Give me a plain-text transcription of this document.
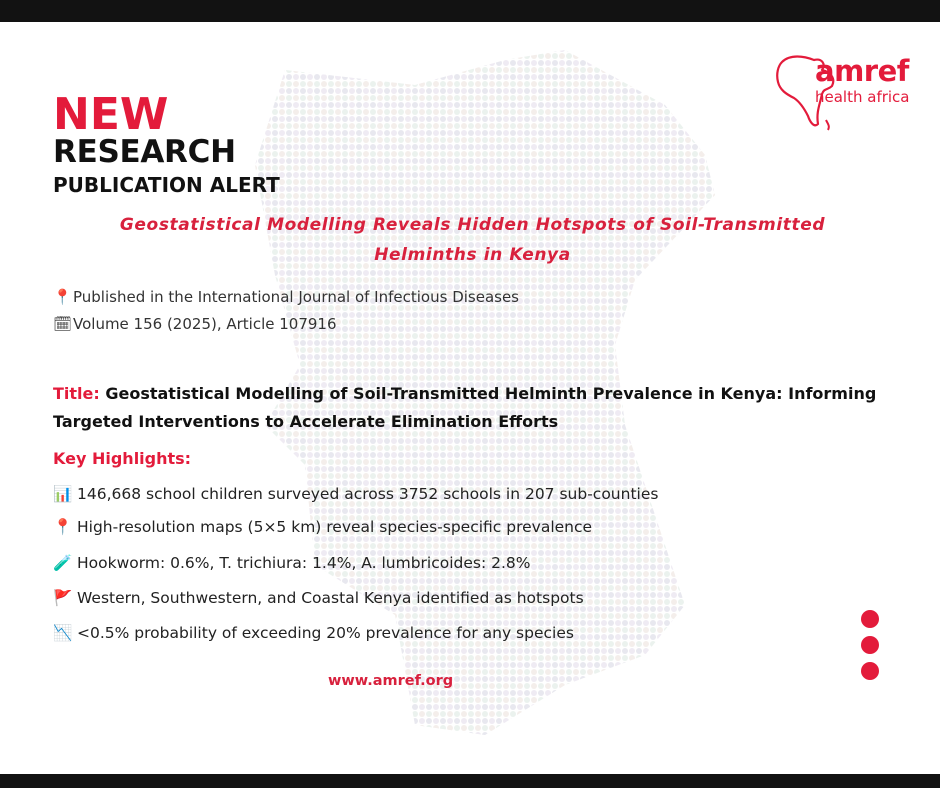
amref
health africa
NEW
RESEARCH
PUBLICATION ALERT
Geostatistical Modelling Reveals Hidden Hotspots of Soil-Transmitted Helminths in Kenya
📍Published in the International Journal of Infectious Diseases
🗓Volume 156 (2025), Article 107916
Title: Geostatistical Modelling of Soil-Transmitted Helminth Prevalence in Kenya: Informing Targeted Interventions to Accelerate Elimination Efforts
Key Highlights:
📊 146,668 school children surveyed across 3752 schools in 207 sub-counties
📍 High-resolution maps (5×5 km) reveal species-specific prevalence
🧪 Hookworm: 0.6%, T. trichiura: 1.4%, A. lumbricoides: 2.8%
🚩 Western, Southwestern, and Coastal Kenya identified as hotspots
📉 <0.5% probability of exceeding 20% prevalence for any species
www.amref.org
